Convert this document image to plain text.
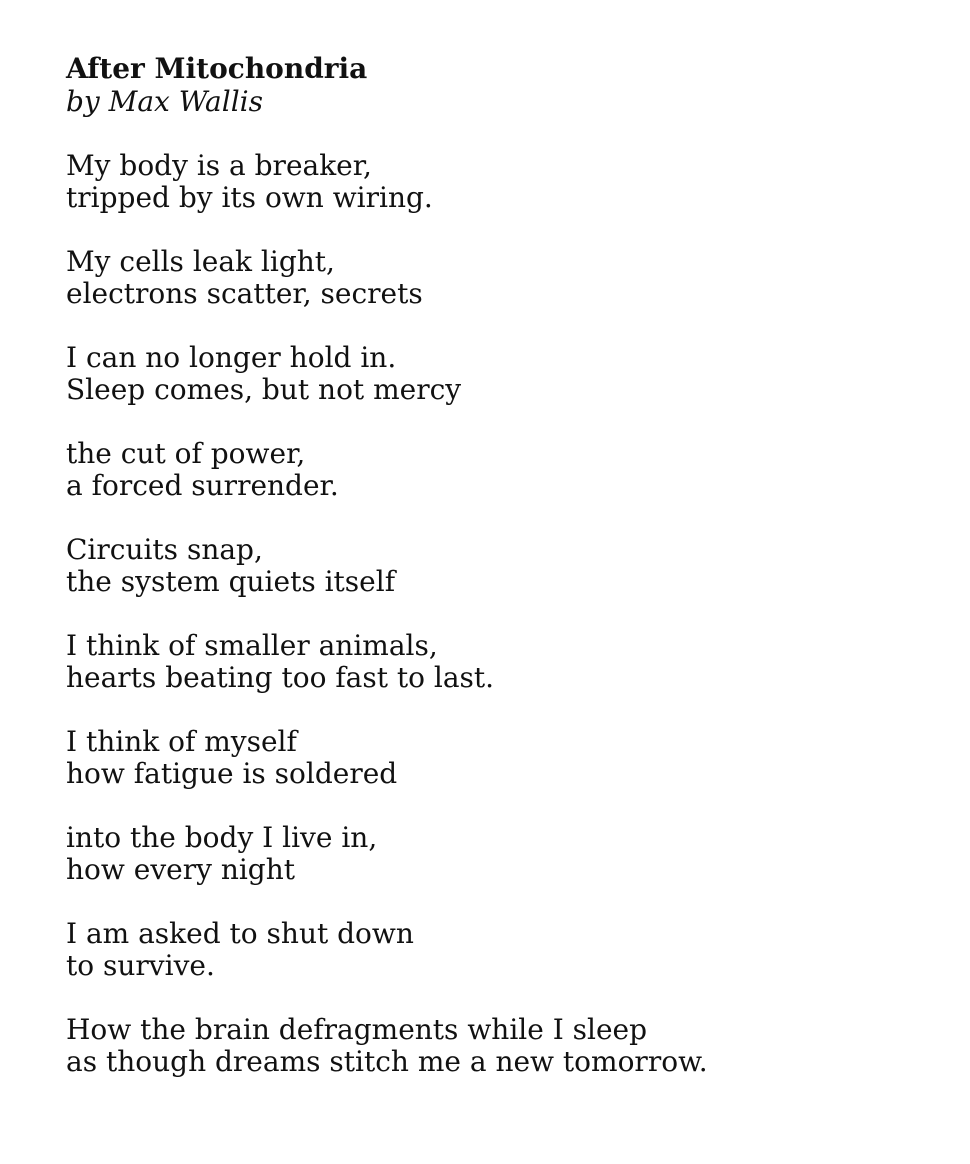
After Mitochondria
by Max Wallis
My body is a breaker,
tripped by its own wiring.
My cells leak light,
electrons scatter, secrets
I can no longer hold in.
Sleep comes, but not mercy
the cut of power,
a forced surrender.
Circuits snap,
the system quiets itself
I think of smaller animals,
hearts beating too fast to last.
I think of myself
how fatigue is soldered
into the body I live in,
how every night
I am asked to shut down
to survive.
How the brain defragments while I sleep
as though dreams stitch me a new tomorrow.
